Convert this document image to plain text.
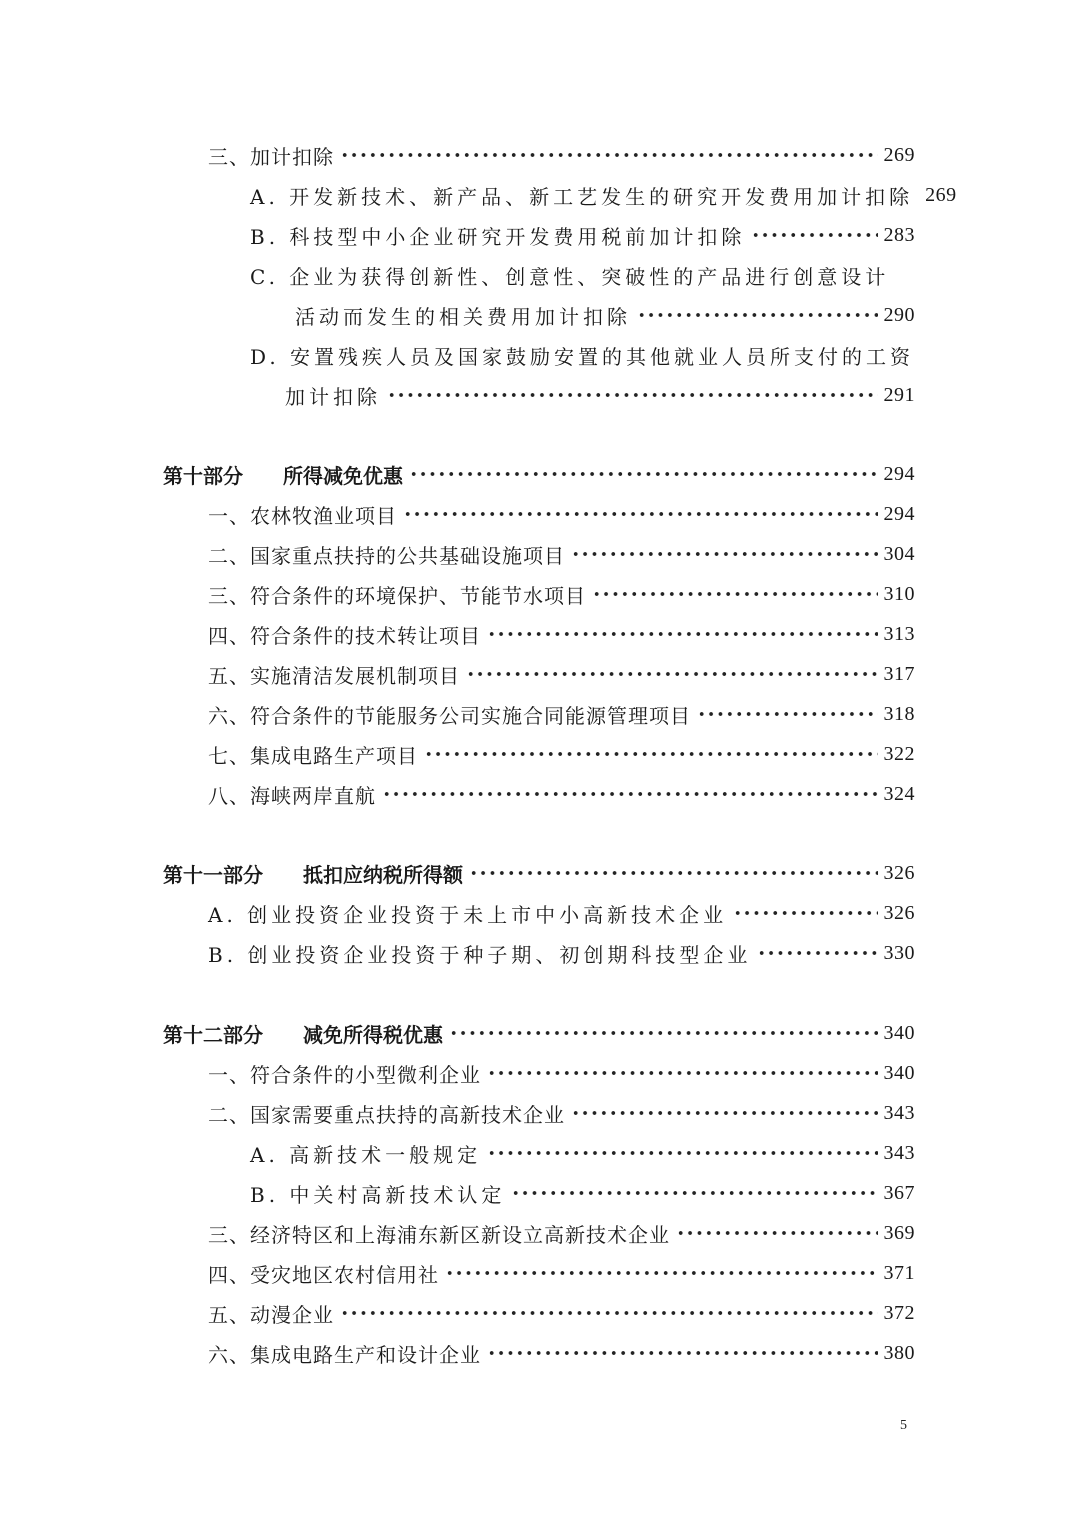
三、加计扣除	269
A. 开发新技术、新产品、新工艺发生的研究开发费用加计扣除 269
B. 科技型中小企业研究开发费用税前加计扣除	283
C. 企业为获得创新性、创意性、突破性的产品进行创意设计
活动而发生的相关费用加计扣除	290
D. 安置残疾人员及国家鼓励安置的其他就业人员所支付的工资
加计扣除	291
第十部分　　所得减免优惠	294
一、农林牧渔业项目	294
二、国家重点扶持的公共基础设施项目	304
三、符合条件的环境保护、节能节水项目	310
四、符合条件的技术转让项目	313
五、实施清洁发展机制项目	317
六、符合条件的节能服务公司实施合同能源管理项目	318
七、集成电路生产项目	322
八、海峡两岸直航	324
第十一部分　　抵扣应纳税所得额	326
A. 创业投资企业投资于未上市中小高新技术企业	326
B. 创业投资企业投资于种子期、初创期科技型企业	330
第十二部分　　减免所得税优惠	340
一、符合条件的小型微利企业	340
二、国家需要重点扶持的高新技术企业	343
A. 高新技术一般规定	343
B. 中关村高新技术认定	367
三、经济特区和上海浦东新区新设立高新技术企业	369
四、受灾地区农村信用社	371
五、动漫企业	372
六、集成电路生产和设计企业	380
5
